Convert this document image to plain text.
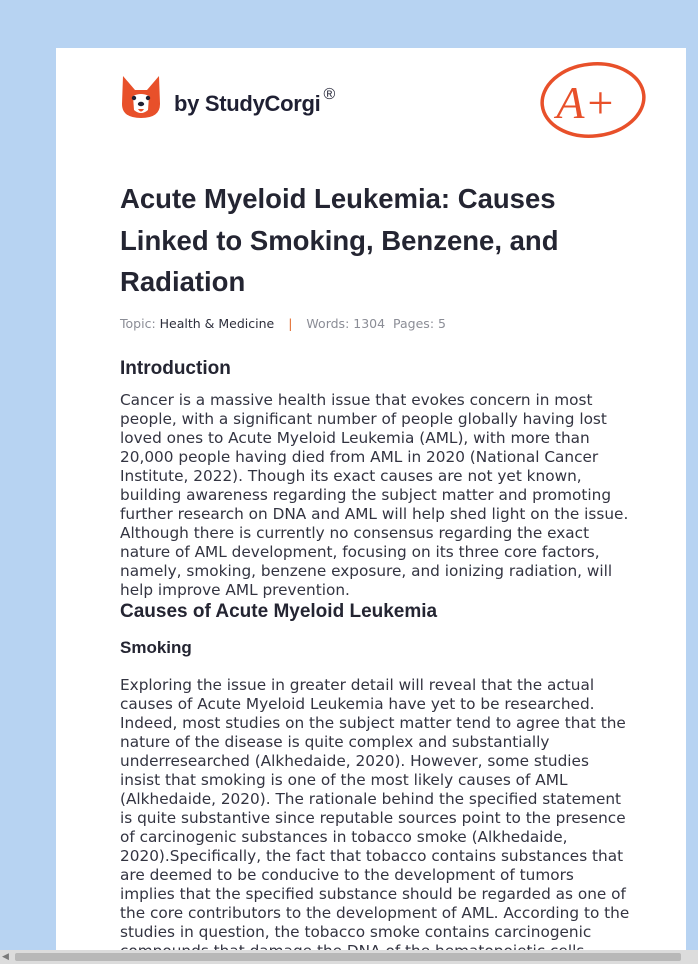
by StudyCorgi ®	A+
Acute Myeloid Leukemia: Causes Linked to Smoking, Benzene, and Radiation
Topic: Health & Medicine | Words: 1304 Pages: 5
Introduction

Cancer is a massive health issue that evokes concern in most people, with a significant number of people globally having lost loved ones to Acute Myeloid Leukemia (AML), with more than 20,000 people having died from AML in 2020 (National Cancer Institute, 2022). Though its exact causes are not yet known, building awareness regarding the subject matter and promoting further research on DNA and AML will help shed light on the issue. Although there is currently no consensus regarding the exact nature of AML development, focusing on its three core factors, namely, smoking, benzene exposure, and ionizing radiation, will help improve AML prevention.

Causes of Acute Myeloid Leukemia
Smoking

Exploring the issue in greater detail will reveal that the actual causes of Acute Myeloid Leukemia have yet to be researched. Indeed, most studies on the subject matter tend to agree that the nature of the disease is quite complex and substantially underresearched (Alkhedaide, 2020). However, some studies insist that smoking is one of the most likely causes of AML (Alkhedaide, 2020). The rationale behind the specified statement is quite substantive since reputable sources point to the presence of carcinogenic substances in tobacco smoke (Alkhedaide, 2020).Specifically, the fact that tobacco contains substances that are deemed to be conducive to the development of tumors implies that the specified substance should be regarded as one of the core contributors to the development of AML. According to the studies in question, the tobacco smoke contains carcinogenic

◀
